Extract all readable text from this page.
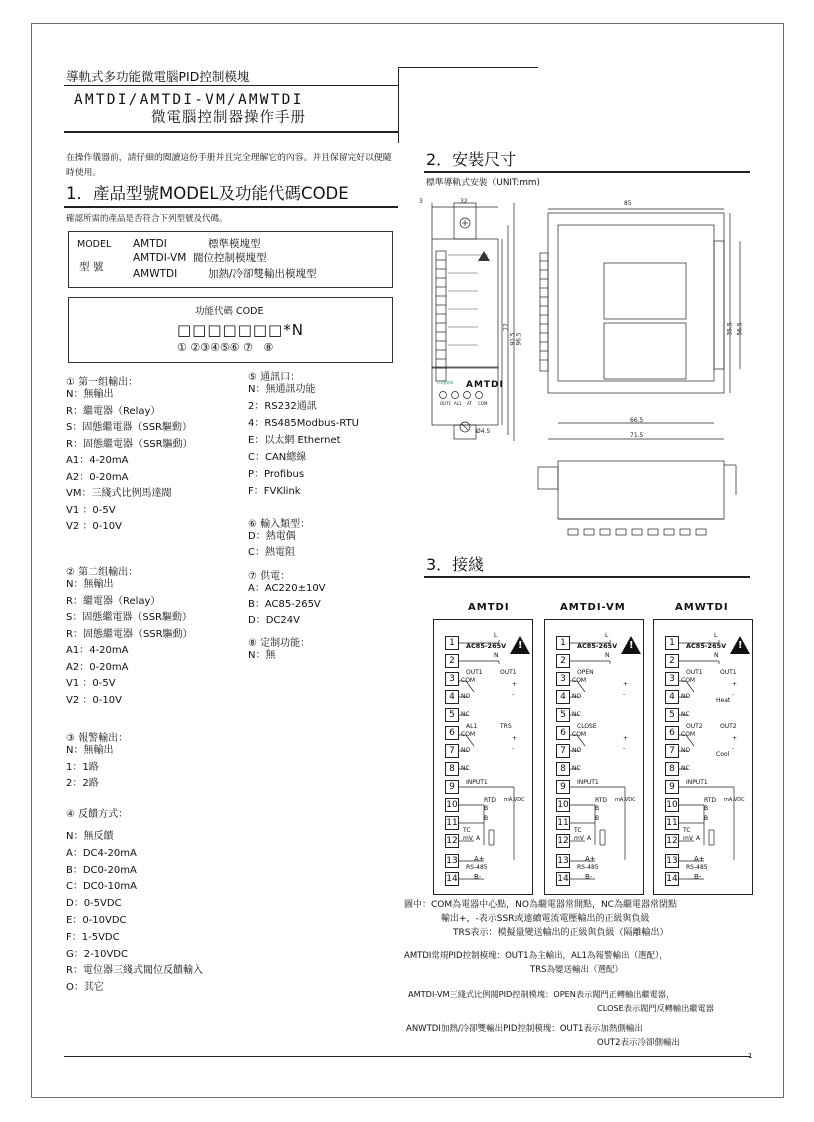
導軌式多功能微電腦PID控制模塊
AMTDI/AMTDI-VM/AMWTDI
微電腦控制器操作手册
在操作儀器前，請仔細的閱讀這份手册并且完全理解它的內容。并且保留完好以便隨時使用。
1．產品型號MODEL及功能代碼CODE
確認所需的產品是否符合下列型號及代碼。
MODEL
型 號
AMTDI	標準模塊型
AMTDI-VM 閥位控制模塊型
AMWTDI	加熱/冷卻雙輸出模塊型
功能代碼 CODE
□□□□□□□*N
① ②③④⑤⑥ ⑦   ⑧
① 第一组輸出：
N：無輸出
R：繼電器（Relay）
S：固態繼電器（SSR驅動）
R：固態繼電器（SSR驅動）
A1：4-20mA
A2：0-20mA
VM：三綫式比例馬達閥
V1 ：0-5V
V2 ：0-10V
② 第二组輸出：
N：無輸出
R：繼電器（Relay）
S：固態繼電器（SSR驅動）
R：固態繼電器（SSR驅動）
A1：4-20mA
A2：0-20mA
V1 ：0-5V
V2 ：0-10V
③ 報警輸出：
N：無輸出
1：1路
2：2路
④ 反饋方式：
N：無反饋
A：DC4-20mA
B：DC0-20mA
C：DC0-10mA
D：0-5VDC
E：0-10VDC
F：1-5VDC
G：2-10VDC
R：電位器三綫式閥位反饋輸入
O：其它
⑤ 通訊口：
N：無通訊功能
2：RS232通訊
4：RS485Modbus-RTU
E：以太網 Ethernet
C：CAN總線
P：Profibus
F：FVKlink
⑥ 輸入類型：
D：熱電偶
C：熱電阻
⑦ 供電：
A：AC220±10V
B：AC85-265V
D：DC24V
⑧ 定制功能：
N：無
2．安裝尺寸
標準導軌式安裝（UNIT:mm)
3	32	85
77
91.5 96.5
35.5 56.5
66.5
71.5
Ø4.5
ruijiesi AMTDI
OUT1 AL1 AT COM
3．接綫
AMTDI	AMTDI-VM	AMWTDI
1
2
3
4
5
6
7
8
9
10
11
12
13
14
AC85-265V !
L
N
OUT1	OUT1
COM
NO
NC
+
-
AL1	TRS
COM
NO
NC
+
-
INPUT1
RTD mA,VDC
B
B
A
TC
mV
A+
RS-485
B-
1
2
3
4
5
6
7
8
9
10
11
12
13
14
AC85-265V !
L
N
OPEN
COM
NO
NC
+
-
CLOSE
COM
NO
NC
+
-
INPUT1
RTD mA,VDC
B
B
A
TC
mV
A+
RS-485
B-
1
2
3
4
5
6
7
8
9
10
11
12
13
14
AC85-265V !
L
N
OUT1	OUT1
COM
NO
NC
+
-
Heat
OUT2	OUT2
COM
NO
NC
+
-
Cool
INPUT1
RTD mA,VDC
B
B
A
TC
mV
A+
RS-485
B-
圖中：COM為電器中心點，NO為繼電器常開點，NC為繼電器常閉點
輸出+，-表示SSR或連續電流電壓輸出的正級與負級
TRS表示：模擬量變送輸出的正級與負級（隔離輸出）
AMTDI常規PID控制模塊：OUT1為主輸出，AL1為報警輸出（選配），
TRS為變送輸出（選配）
AMTDI-VM三綫式比例閥PID控制模塊：OPEN表示閥門正轉輸出繼電器，
CLOSE表示閥門反轉輸出繼電器
ANWTDI加熱/冷卻雙輸出PID控制模塊：OUT1表示加熱側輸出
OUT2表示冷卻側輸出
1
